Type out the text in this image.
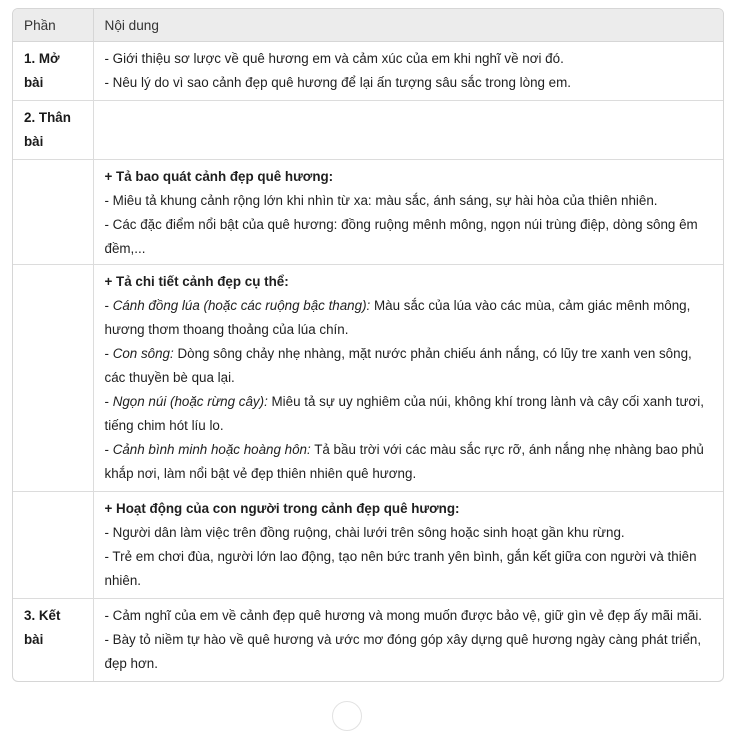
Phần	Nội dung
1. Mở bài	- Giới thiệu sơ lược về quê hương em và cảm xúc của em khi nghĩ về nơi đó.
- Nêu lý do vì sao cảnh đẹp quê hương để lại ấn tượng sâu sắc trong lòng em.

2. Thân bài	

	+ Tả bao quát cảnh đẹp quê hương:
- Miêu tả khung cảnh rộng lớn khi nhìn từ xa: màu sắc, ánh sáng, sự hài hòa của thiên nhiên.
- Các đặc điểm nổi bật của quê hương: đồng ruộng mênh mông, ngọn núi trùng điệp, dòng sông êm đềm,...

	+ Tả chi tiết cảnh đẹp cụ thể:
- Cánh đồng lúa (hoặc các ruộng bậc thang): Màu sắc của lúa vào các mùa, cảm giác mênh mông, hương thơm thoang thoảng của lúa chín.
- Con sông: Dòng sông chảy nhẹ nhàng, mặt nước phản chiếu ánh nắng, có lũy tre xanh ven sông, các thuyền bè qua lại.
- Ngọn núi (hoặc rừng cây): Miêu tả sự uy nghiêm của núi, không khí trong lành và cây cối xanh tươi, tiếng chim hót líu lo.
- Cảnh bình minh hoặc hoàng hôn: Tả bầu trời với các màu sắc rực rỡ, ánh nắng nhẹ nhàng bao phủ khắp nơi, làm nổi bật vẻ đẹp thiên nhiên quê hương.

	+ Hoạt động của con người trong cảnh đẹp quê hương:
- Người dân làm việc trên đồng ruộng, chài lưới trên sông hoặc sinh hoạt gần khu rừng.
- Trẻ em chơi đùa, người lớn lao động, tạo nên bức tranh yên bình, gắn kết giữa con người và thiên nhiên.

3. Kết bài	- Cảm nghĩ của em về cảnh đẹp quê hương và mong muốn được bảo vệ, giữ gìn vẻ đẹp ấy mãi mãi.
- Bày tỏ niềm tự hào về quê hương và ước mơ đóng góp xây dựng quê hương ngày càng phát triển, đẹp hơn.
